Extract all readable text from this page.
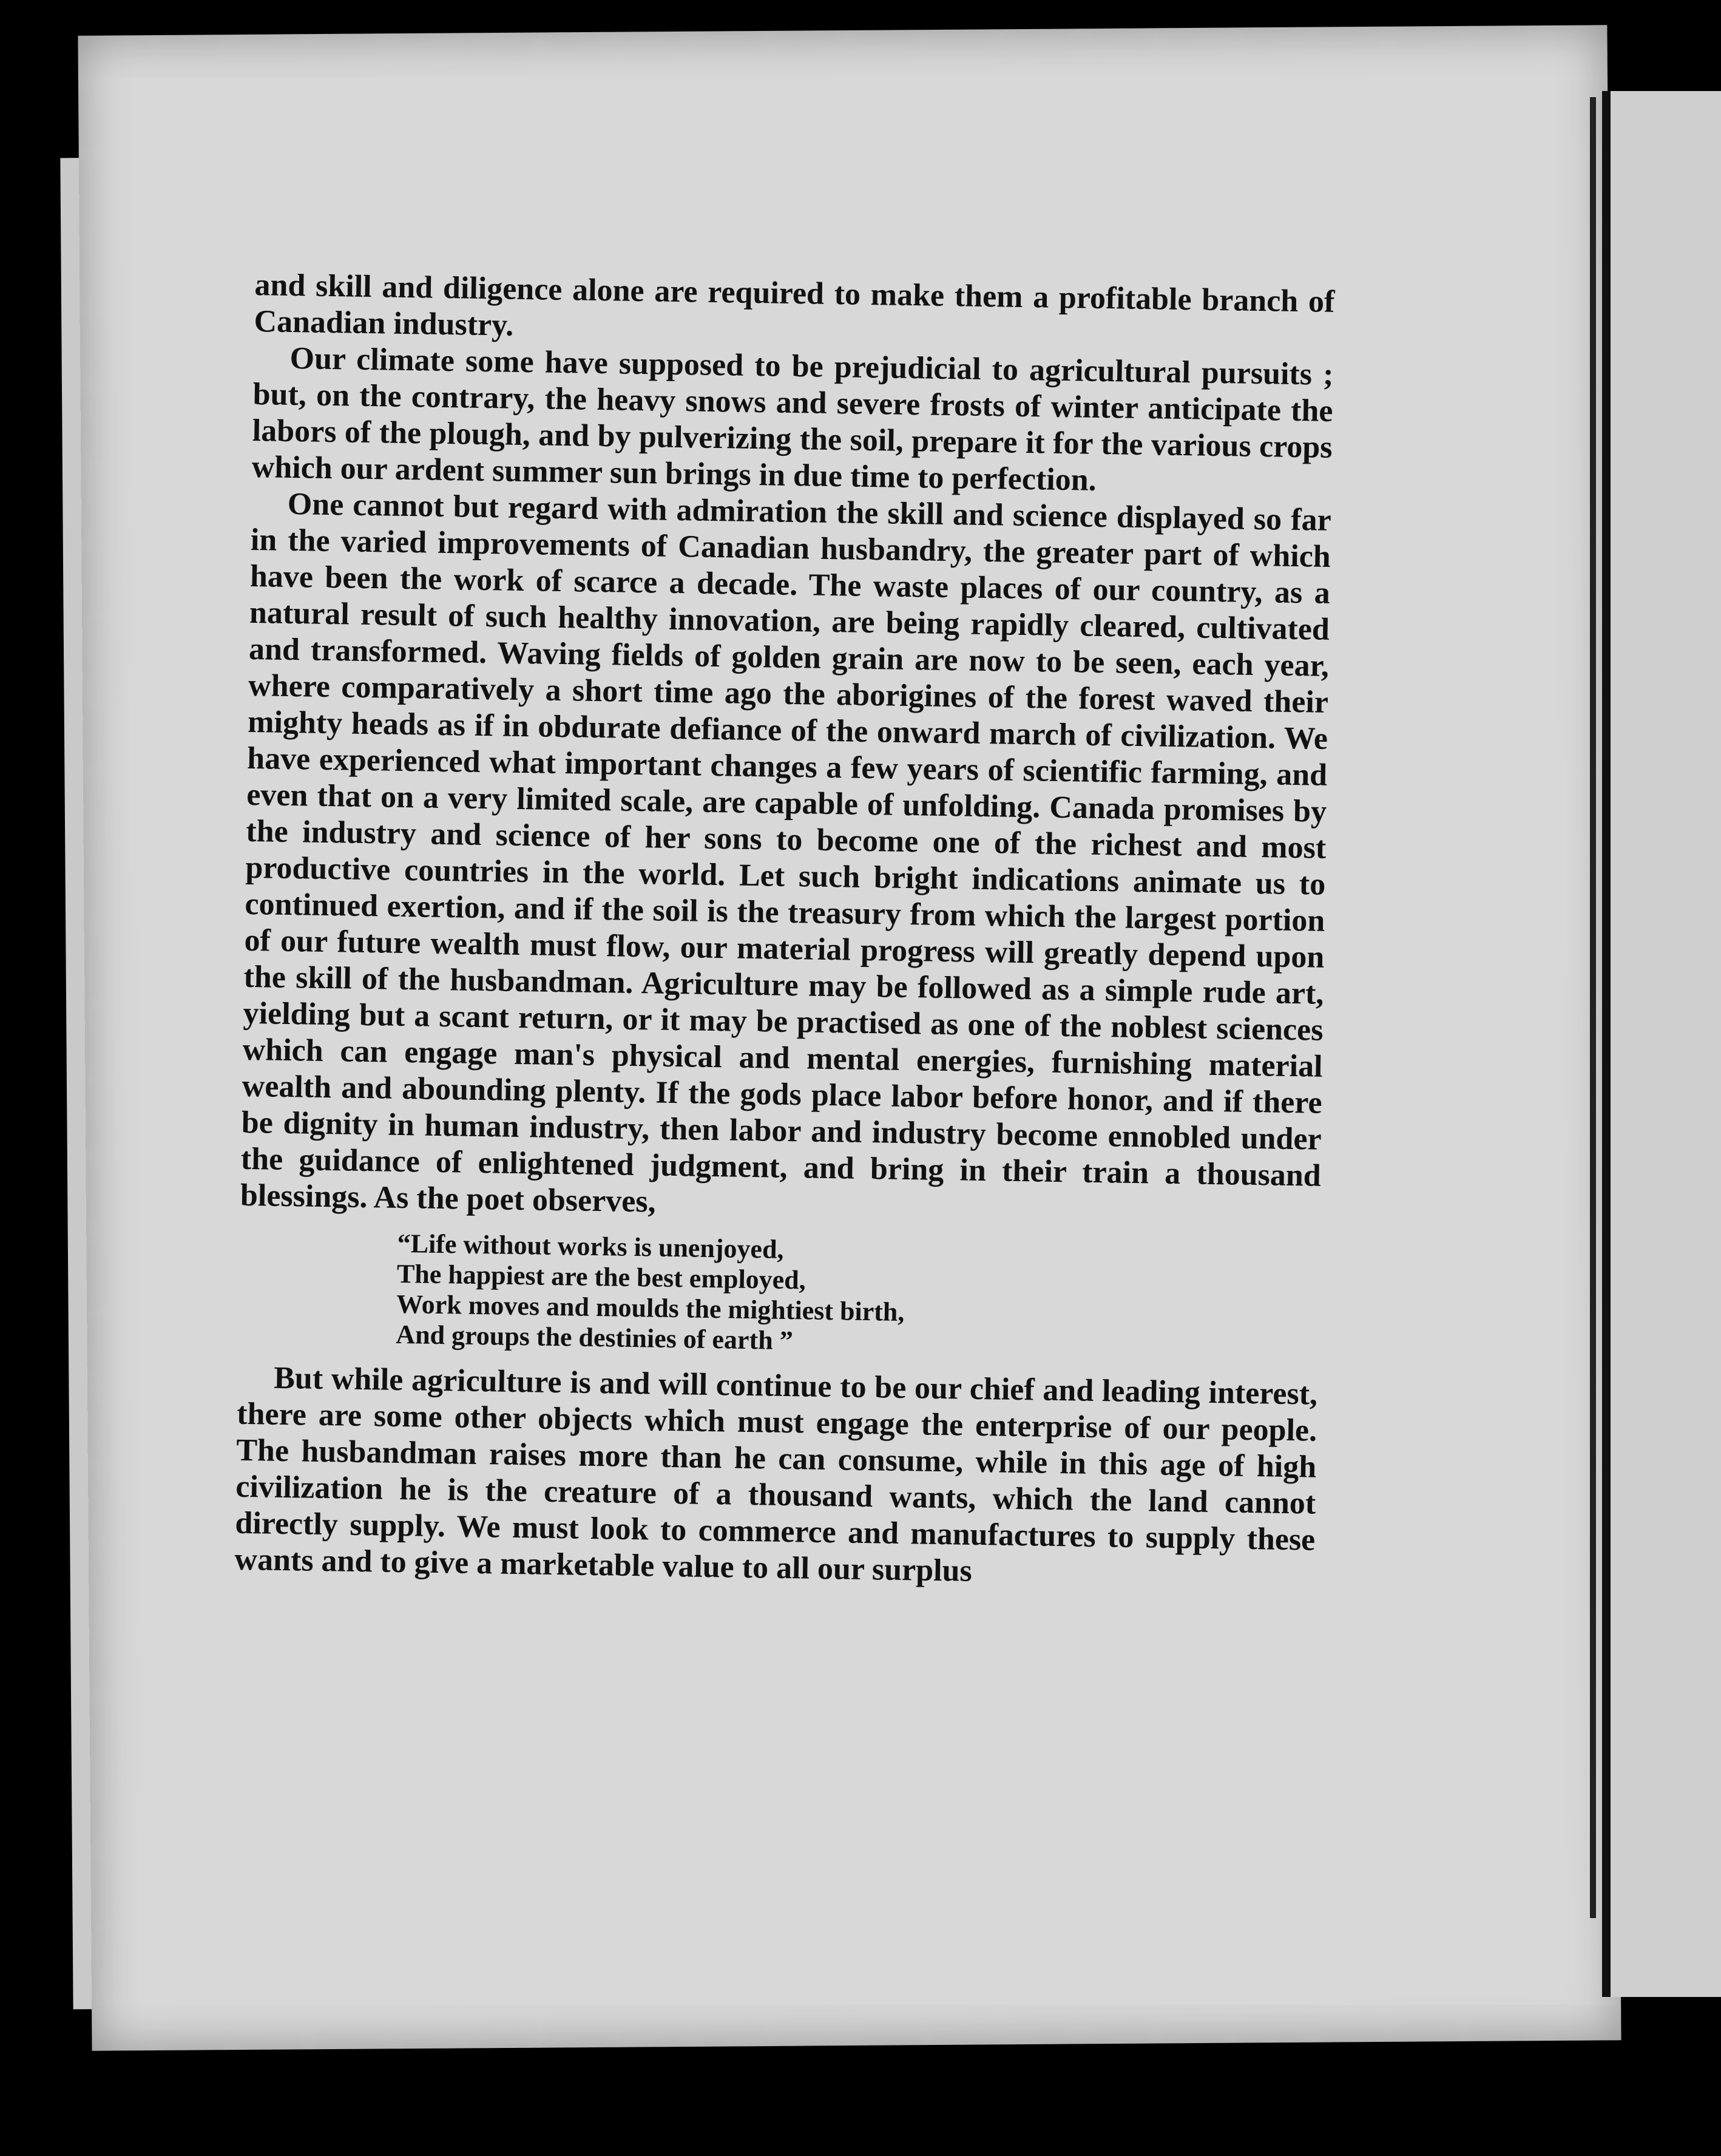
and skill and diligence alone are required to make them a profitable branch of Canadian industry.

Our climate some have supposed to be prejudicial to agricultural pursuits ; but, on the contrary, the heavy snows and severe frosts of winter anticipate the labors of the plough, and by pulverizing the soil, prepare it for the various crops which our ardent summer sun brings in due time to perfection.

One cannot but regard with admiration the skill and science displayed so far in the varied improvements of Canadian husbandry, the greater part of which have been the work of scarce a decade. The waste places of our country, as a natural result of such healthy innovation, are being rapidly cleared, cultivated and transformed. Waving fields of golden grain are now to be seen, each year, where comparatively a short time ago the aborigines of the forest waved their mighty heads as if in obdurate defiance of the onward march of civilization. We have experienced what important changes a few years of scientific farming, and even that on a very limited scale, are capable of unfolding. Canada promises by the industry and science of her sons to become one of the richest and most productive countries in the world. Let such bright indications animate us to continued exertion, and if the soil is the treasury from which the largest portion of our future wealth must flow, our material progress will greatly depend upon the skill of the husbandman. Agriculture may be followed as a simple rude art, yielding but a scant return, or it may be practised as one of the noblest sciences which can engage man's physical and mental energies, furnishing material wealth and abounding plenty. If the gods place labor before honor, and if there be dignity in human industry, then labor and industry become ennobled under the guidance of enlightened judgment, and bring in their train a thousand blessings. As the poet observes,

“Life without works is unenjoyed,
The happiest are the best employed,
Work moves and moulds the mightiest birth,
And groups the destinies of earth ”

But while agriculture is and will continue to be our chief and leading interest, there are some other objects which must engage the enterprise of our people. The husbandman raises more than he can consume, while in this age of high civilization he is the creature of a thousand wants, which the land cannot directly supply. We must look to commerce and manufactures to supply these wants and to give a marketable value to all our surplus
